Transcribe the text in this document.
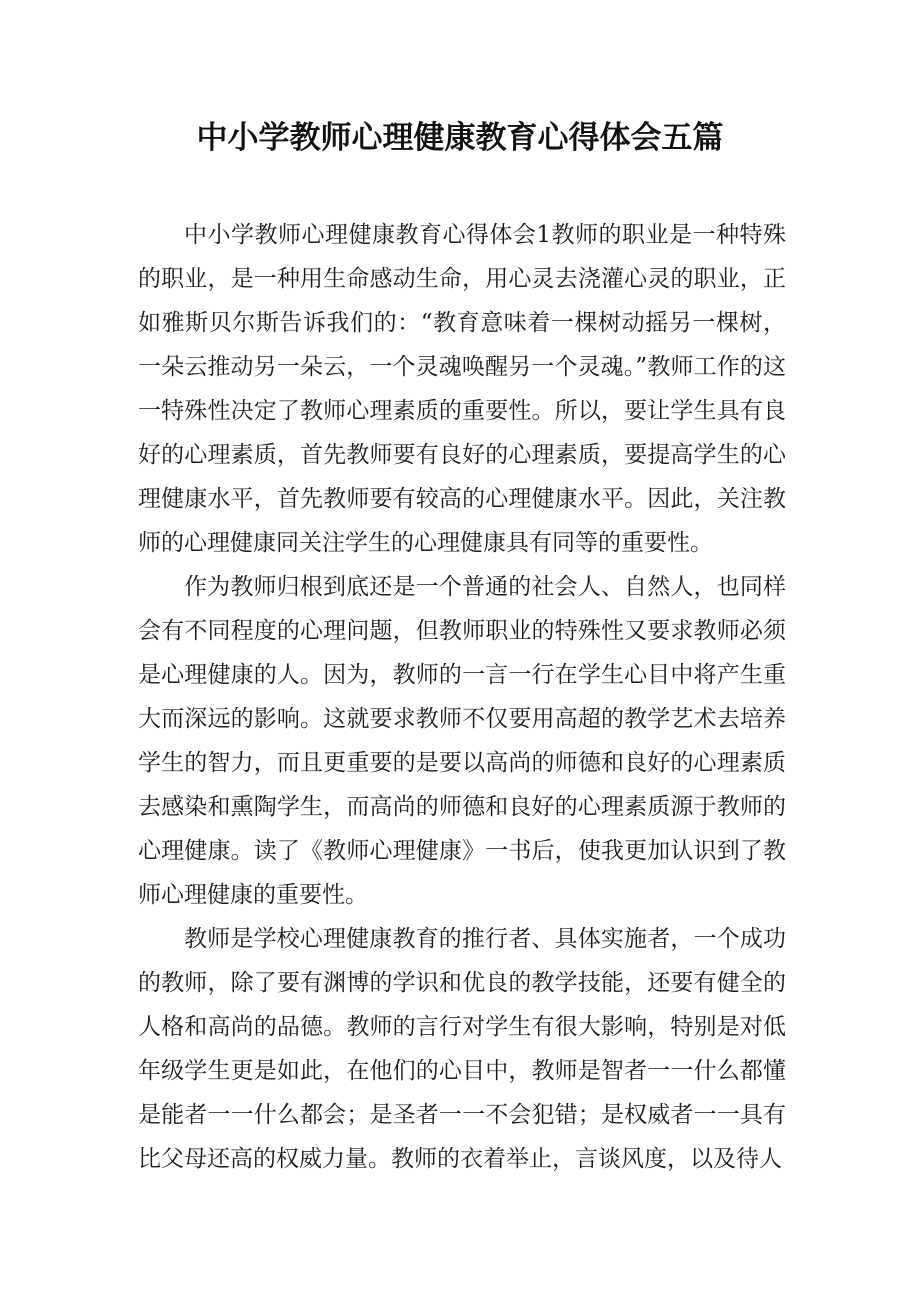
中小学教师心理健康教育心得体会五篇

中小学教师心理健康教育心得体会1教师的职业是一种特殊的职业，是一种用生命感动生命，用心灵去浇灌心灵的职业，正如雅斯贝尔斯告诉我们的：“教育意味着一棵树动摇另一棵树，一朵云推动另一朵云，一个灵魂唤醒另一个灵魂。”教师工作的这一特殊性决定了教师心理素质的重要性。所以，要让学生具有良好的心理素质，首先教师要有良好的心理素质，要提高学生的心理健康水平，首先教师要有较高的心理健康水平。因此，关注教师的心理健康同关注学生的心理健康具有同等的重要性。

作为教师归根到底还是一个普通的社会人、自然人，也同样会有不同程度的心理问题，但教师职业的特殊性又要求教师必须是心理健康的人。因为，教师的一言一行在学生心目中将产生重大而深远的影响。这就要求教师不仅要用高超的教学艺术去培养学生的智力，而且更重要的是要以高尚的师德和良好的心理素质去感染和熏陶学生，而高尚的师德和良好的心理素质源于教师的心理健康。读了《教师心理健康》一书后，使我更加认识到了教师心理健康的重要性。

教师是学校心理健康教育的推行者、具体实施者，一个成功的教师，除了要有渊博的学识和优良的教学技能，还要有健全的人格和高尚的品德。教师的言行对学生有很大影响，特别是对低年级学生更是如此，在他们的心目中，教师是智者一一什么都懂是能者一一什么都会；是圣者一一不会犯错；是权威者一一具有比父母还高的权威力量。教师的衣着举止，言谈风度，以及待人
